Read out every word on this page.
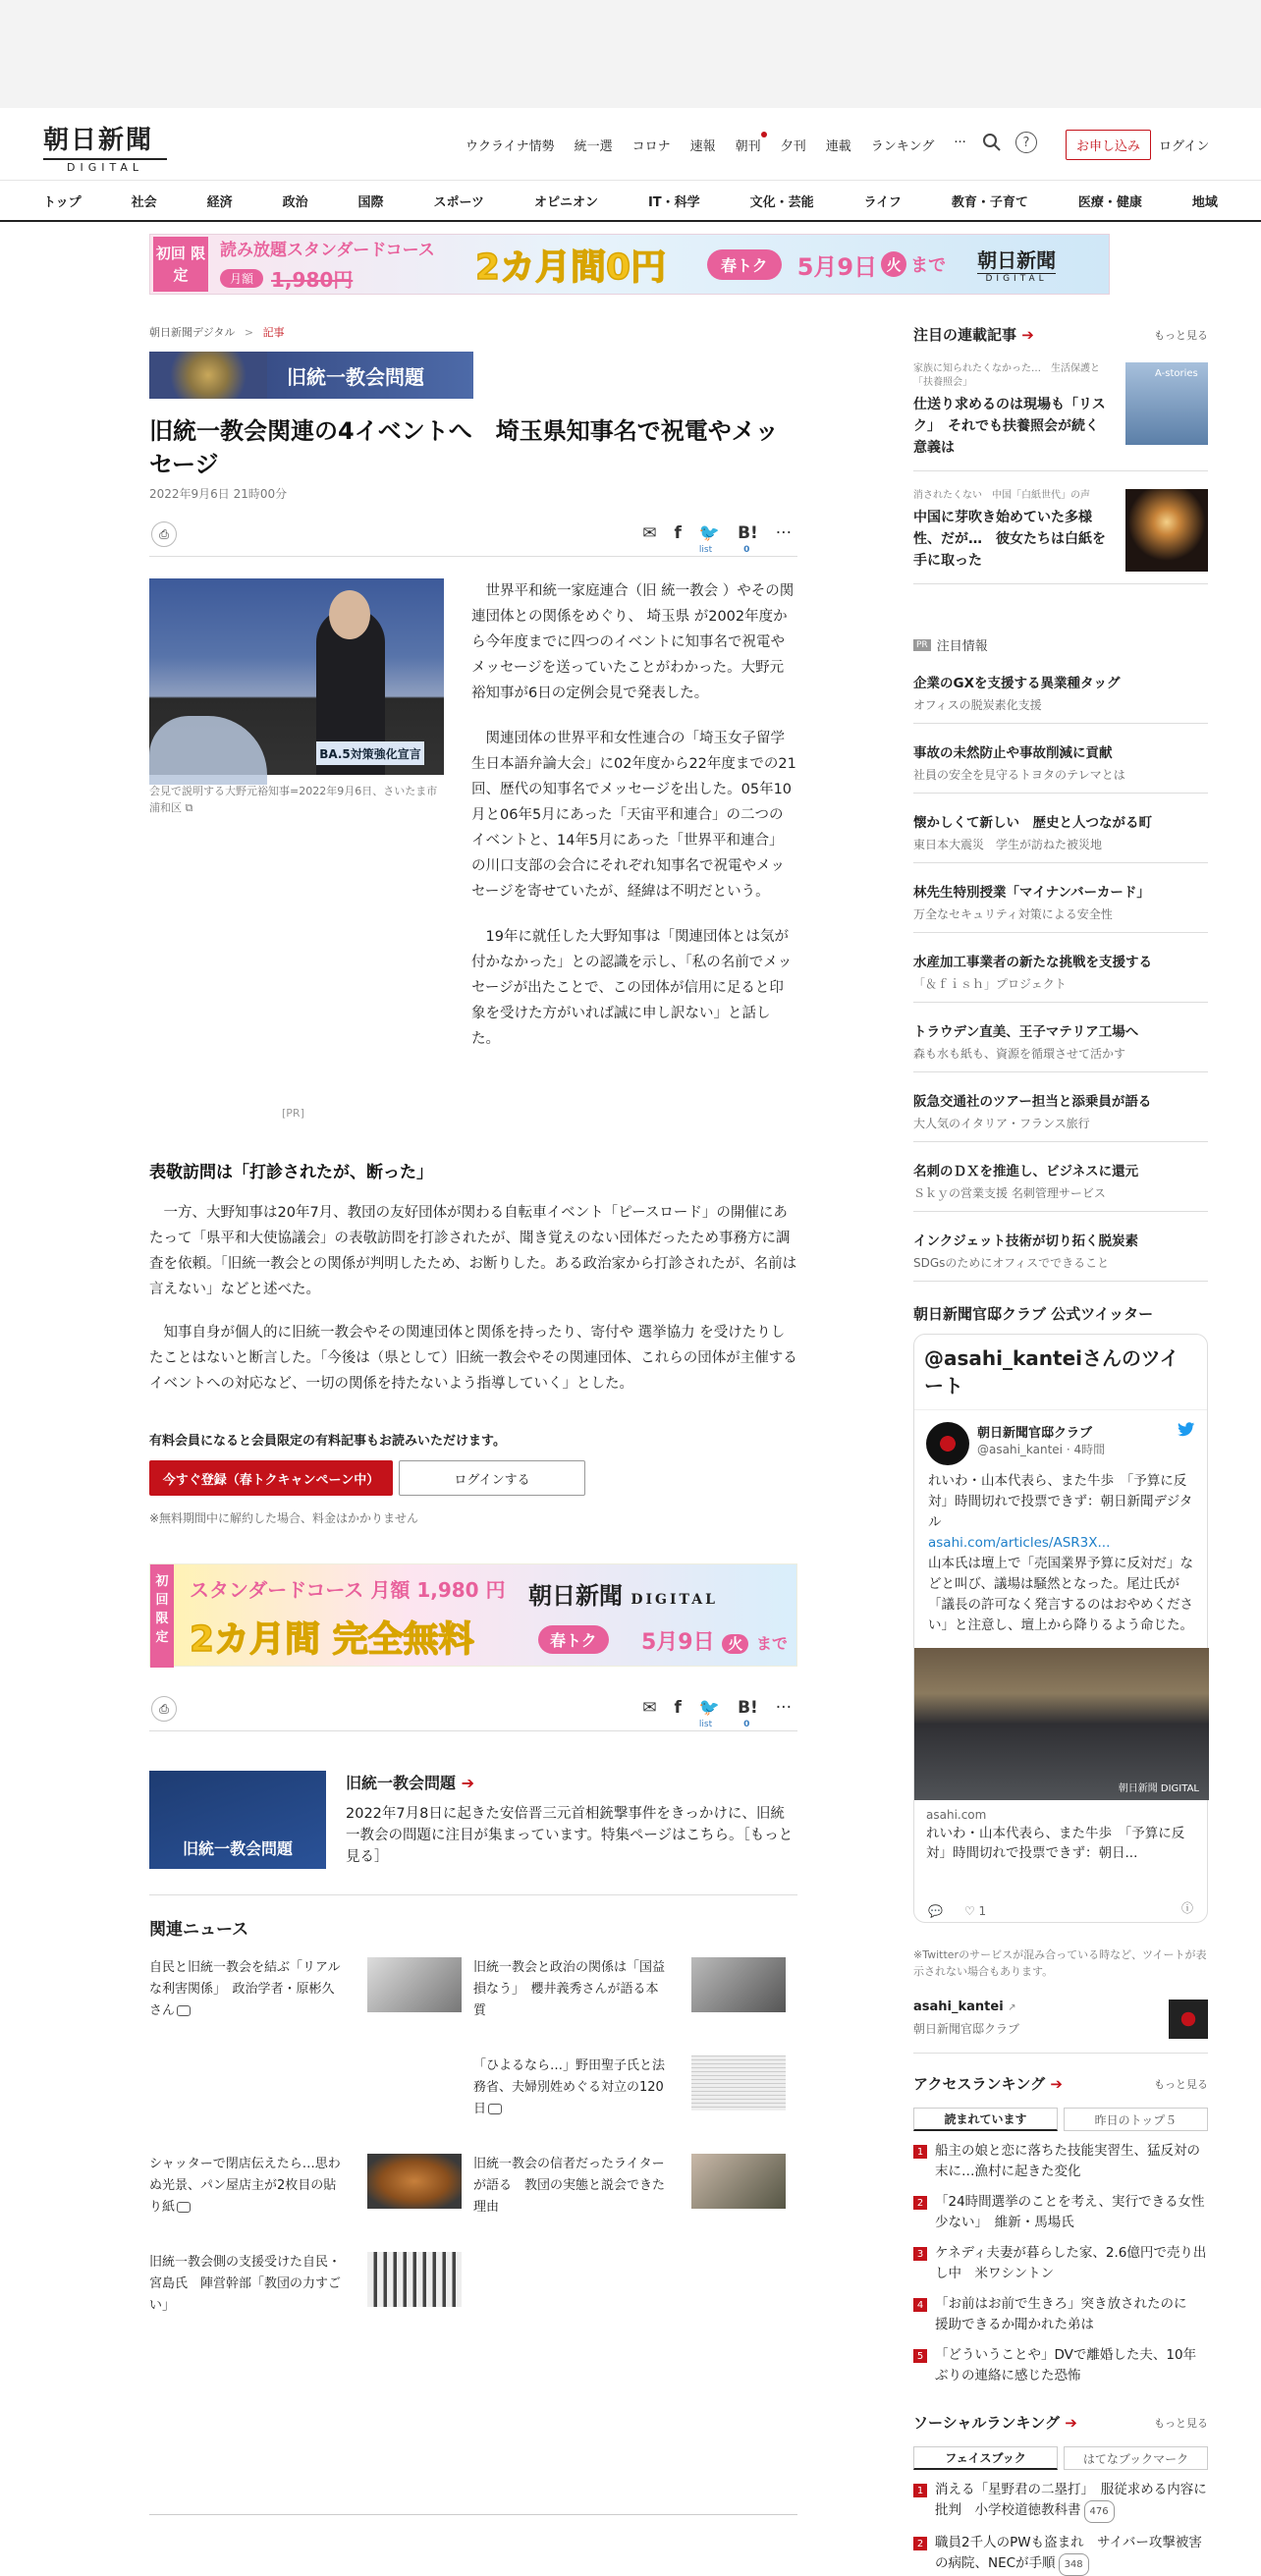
朝日新聞
DIGITAL
ウクライナ情勢 統一選 コロナ 速報 朝刊 夕刊 連載 ランキング ···	?	お申し込み	ログイン
トップ	社会	経済	政治	国際	スポーツ	オピニオン	IT・科学	文化・芸能	ライフ	教育・子育て	医療・健康	地域
初回 限定
読み放題スタンダードコース
月額 1,980円	2カ月間0円	春トク	5月9日 火 まで 朝日新聞
DIGITAL
朝日新聞デジタル > 記事
旧統一教会問題
旧統一教会関連の4イベントへ　埼玉県知事名で祝電やメッセージ
2022年9月6日 21時00分
⎙	✉ f 🐦
list
B!
0
···
BA.5対策強化宣言
会見で説明する大野元裕知事=2022年9月6日、さいたま市浦和区 ⧉
[PR]

世界平和統一家庭連合（旧 統一教会 ）やその関連団体との関係をめぐり、 埼玉県 が2002年度から今年度までに四つのイベントに知事名で祝電やメッセージを送っていたことがわかった。大野元裕知事が6日の定例会見で発表した。

関連団体の世界平和女性連合の「埼玉女子留学生日本語弁論大会」に02年度から22年度までの21回、歴代の知事名でメッセージを出した。05年10月と06年5月にあった「天宙平和連合」の二つのイベントと、14年5月にあった「世界平和連合」の川口支部の会合にそれぞれ知事名で祝電やメッセージを寄せていたが、経緯は不明だという。

19年に就任した大野知事は「関連団体とは気が付かなかった」との認識を示し、「私の名前でメッセージが出たことで、この団体が信用に足ると印象を受けた方がいれば誠に申し訳ない」と話した。

表敬訪問は「打診されたが、断った」

一方、大野知事は20年7月、教団の友好団体が関わる自転車イベント「ピースロード」の開催にあたって「県平和大使協議会」の表敬訪問を打診されたが、聞き覚えのない団体だったため事務方に調査を依頼。「旧統一教会との関係が判明したため、お断りした。ある政治家から打診されたが、名前は言えない」などと述べた。

知事自身が個人的に旧統一教会やその関連団体と関係を持ったり、寄付や 選挙協力 を受けたりしたことはないと断言した。「今後は（県として）旧統一教会やその関連団体、これらの団体が主催するイベントへの対応など、一切の関係を持たないよう指導していく」とした。

有料会員になると会員限定の有料記事もお読みいただけます。
今すぐ登録（春トクキャンペーン中）	ログインする
※無料期間中に解約した場合、料金はかかりません
初回 限定
スタンダードコース 月額 1,980 円
2カ月間 完全無料
朝日新聞 DIGITAL
春トク	5月9日 火 まで
⎙	✉ f 🐦
list
B!
0
···
旧統一教会問題
旧統一教会問題 ➔
2022年7月8日に起きた安倍晋三元首相銃撃事件をきっかけに、旧統一教会の問題に注目が集まっています。特集ページはこちら。［もっと見る］
関連ニュース
自民と旧統一教会を結ぶ「リアルな利害関係」　政治学者・原彬久さん
旧統一教会と政治の関係は「国益損なう」　櫻井義秀さんが語る本質
「ひよるなら…」野田聖子氏と法務省、夫婦別姓めぐる対立の120日
シャッターで閉店伝えたら…思わぬ光景、パン屋店主が2枚目の貼り紙
旧統一教会の信者だったライターが語る　教団の実態と説会できた理由
旧統一教会側の支援受けた自民・宮島氏　陣営幹部「教団の力すごい」
注目の連載記事 ➔	もっと見る
家族に知られたくなかった…　生活保護と「扶養照会」
仕送り求めるのは現場も「リスク」　それでも扶養照会が続く意義は
A-stories
消されたくない　中国「白紙世代」の声
中国に芽吹き始めていた多様性、だが…　彼女たちは白紙を手に取った
PR 注目情報
企業のGXを支援する異業種タッグ
オフィスの脱炭素化支援
事故の未然防止や事故削減に貢献
社員の安全を見守るトヨタのテレマとは
懐かしくて新しい　歴史と人つながる町
東日本大震災　学生が訪ねた被災地
林先生特別授業「マイナンバーカード」
万全なセキュリティ対策による安全性
水産加工事業者の新たな挑戦を支援する
「＆ｆｉｓｈ」プロジェクト
トラウデン直美、王子マテリア工場へ
森も水も紙も、資源を循環させて活かす
阪急交通社のツアー担当と添乗員が語る
大人気のイタリア・フランス旅行
名刺のＤＸを推進し、ビジネスに還元
Ｓｋｙの営業支援 名刺管理サービス
インクジェット技術が切り拓く脱炭素
SDGsのためにオフィスでできること
朝日新聞官邸クラブ 公式ツイッター
@asahi_kanteiさんのツイート
朝日新聞官邸クラブ
@asahi_kantei · 4時間
れいわ・山本代表ら、また牛歩　「予算に反対」時間切れで投票できず：朝日新聞デジタル
asahi.com/articles/ASR3X...
山本氏は壇上で「売国業界予算に反対だ」などと叫び、議場は騒然となった。尾辻氏が「議長の許可なく発言するのはおやめください」と注意し、壇上から降りるよう命じた。
朝日新聞 DIGITAL
asahi.com
れいわ・山本代表ら、また牛歩　「予算に反対」時間切れで投票できず：朝日...
💬 ♡ 1	ⓘ
※Twitterのサービスが混み合っている時など、ツイートが表示されない場合もあります。
asahi_kantei ↗
朝日新聞官邸クラブ
アクセスランキング ➔	もっと見る
読まれています	昨日のトップ５
1 船主の娘と恋に落ちた技能実習生、猛反対の末に…漁村に起きた変化
2 「24時間選挙のことを考え、実行できる女性少ない」　維新・馬場氏
3 ケネディ夫妻が暮らした家、2.6億円で売り出し中　米ワシントン
4 「お前はお前で生きろ」突き放されたのに　援助できるか聞かれた弟は
5 「どういうことや」DVで離婚した夫、10年ぶりの連絡に感じた恐怖
ソーシャルランキング ➔	もっと見る
フェイスブック	はてなブックマーク
1 消える「星野君の二塁打」　服従求める内容に批判　小学校道徳教科書 476
2 職員2千人のPWも盗まれ　サイバー攻撃被害の病院、NECが手順 348
